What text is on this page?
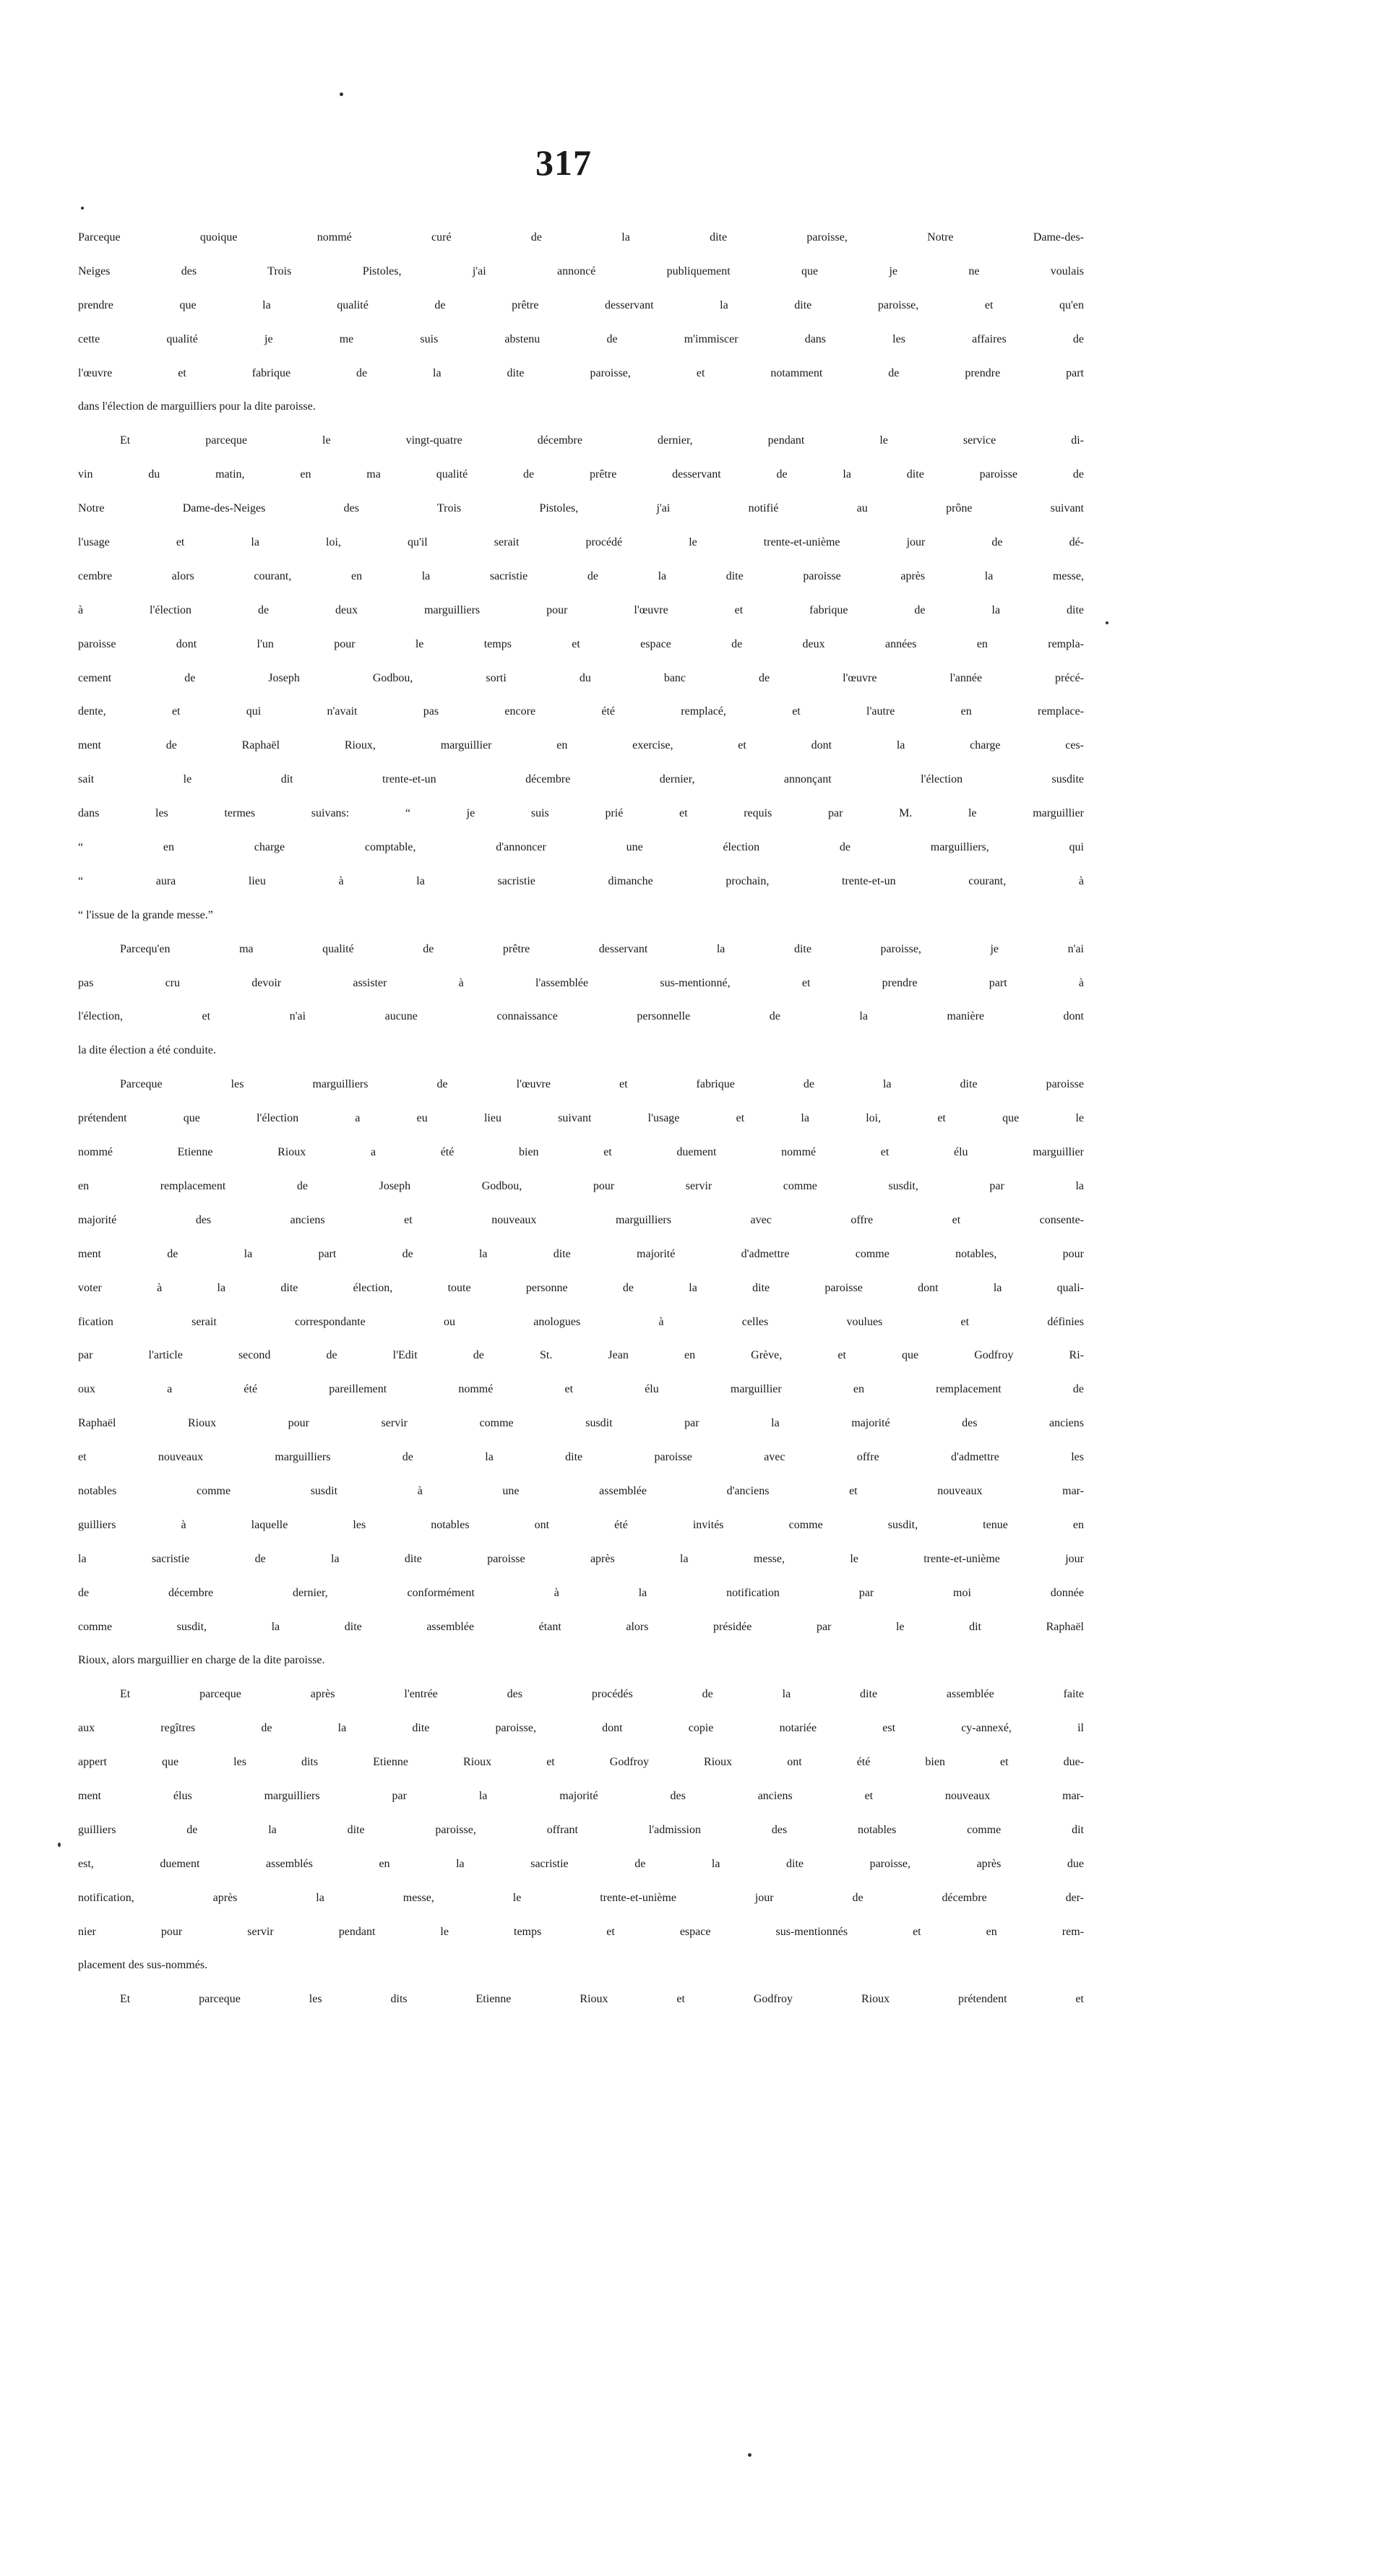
317
Parceque quoique nommé curé de la dite paroisse, Notre Dame-des-
Neiges des Trois Pistoles, j'ai annoncé publiquement que je ne voulais
prendre que la qualité de prêtre desservant la dite paroisse, et qu'en
cette qualité je me suis abstenu de m'immiscer dans les affaires de
l'œuvre et fabrique de la dite paroisse, et notamment de prendre part
dans l'élection de marguilliers pour la dite paroisse.
Et parceque le vingt-quatre décembre dernier, pendant le service di-
vin du matin, en ma qualité de prêtre desservant de la dite paroisse de
Notre Dame-des-Neiges des Trois Pistoles, j'ai notifié au prône suivant
l'usage et la loi, qu'il serait procédé le trente-et-unième jour de dé-
cembre alors courant, en la sacristie de la dite paroisse après la messe,
à l'élection de deux marguilliers pour l'œuvre et fabrique de la dite
paroisse dont l'un pour le temps et espace de deux années en rempla-
cement de Joseph Godbou, sorti du banc de l'œuvre l'année précé-
dente, et qui n'avait pas encore été remplacé, et l'autre en remplace-
ment de Raphaël Rioux, marguillier en exercise, et dont la charge ces-
sait le dit trente-et-un décembre dernier, annonçant l'élection susdite
dans les termes suivans: “ je suis prié et requis par M. le marguillier
“ en charge comptable, d'annoncer une élection de marguilliers, qui
“ aura lieu à la sacristie dimanche prochain, trente-et-un courant, à
“ l'issue de la grande messe.”
Parcequ'en ma qualité de prêtre desservant la dite paroisse, je n'ai
pas cru devoir assister à l'assemblée sus-mentionné, et prendre part à
l'élection, et n'ai aucune connaissance personnelle de la manière dont
la dite élection a été conduite.
Parceque les marguilliers de l'œuvre et fabrique de la dite paroisse
prétendent que l'élection a eu lieu suivant l'usage et la loi, et que le
nommé Etienne Rioux a été bien et duement nommé et élu marguillier
en remplacement de Joseph Godbou, pour servir comme susdit, par la
majorité des anciens et nouveaux marguilliers avec offre et consente-
ment de la part de la dite majorité d'admettre comme notables, pour
voter à la dite élection, toute personne de la dite paroisse dont la quali-
fication serait correspondante ou anologues à celles voulues et définies
par l'article second de l'Edit de St. Jean en Grève, et que Godfroy Ri-
oux a été pareillement nommé et élu marguillier en remplacement de
Raphaël Rioux pour servir comme susdit par la majorité des anciens
et nouveaux marguilliers de la dite paroisse avec offre d'admettre les
notables comme susdit à une assemblée d'anciens et nouveaux mar-
guilliers à laquelle les notables ont été invités comme susdit, tenue en
la sacristie de la dite paroisse après la messe, le trente-et-unième jour
de décembre dernier, conformément à la notification par moi donnée
comme susdit, la dite assemblée étant alors présidée par le dit Raphaël
Rioux, alors marguillier en charge de la dite paroisse.
Et parceque après l'entrée des procédés de la dite assemblée faite
aux regîtres de la dite paroisse, dont copie notariée est cy-annexé, il
appert que les dits Etienne Rioux et Godfroy Rioux ont été bien et due-
ment élus marguilliers par la majorité des anciens et nouveaux mar-
guilliers de la dite paroisse, offrant l'admission des notables comme dit
est, duement assemblés en la sacristie de la dite paroisse, après due
notification, après la messe, le trente-et-unième jour de décembre der-
nier pour servir pendant le temps et espace sus-mentionnés et en rem-
placement des sus-nommés.
Et parceque les dits Etienne Rioux et Godfroy Rioux prétendent et
